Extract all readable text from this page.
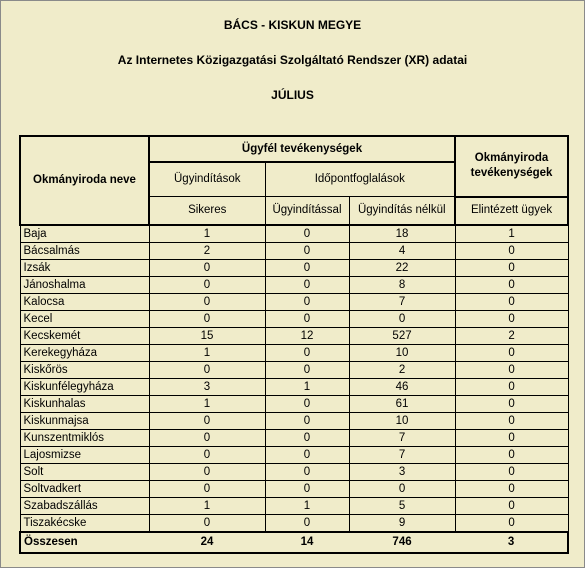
BÁCS - KISKUN MEGYE
Az Internetes Közigazgatási Szolgáltató Rendszer (XR) adatai
JÚLIUS
Okmányiroda neve	Ügyfél tevékenységek			Okmányiroda tevékenységek
	Ügyindítások	Időpontfoglalások		
	Sikeres	Ügyindítással	Ügyindítás nélkül	Elintézett ügyek
Baja	1	0	18	1
Bácsalmás	2	0	4	0
Izsák	0	0	22	0
Jánoshalma	0	0	8	0
Kalocsa	0	0	7	0
Kecel	0	0	0	0
Kecskemét	15	12	527	2
Kerekegyháza	1	0	10	0
Kiskőrös	0	0	2	0
Kiskunfélegyháza	3	1	46	0
Kiskunhalas	1	0	61	0
Kiskunmajsa	0	0	10	0
Kunszentmiklós	0	0	7	0
Lajosmizse	0	0	7	0
Solt	0	0	3	0
Soltvadkert	0	0	0	0
Szabadszállás	1	1	5	0
Tiszakécske	0	0	9	0
Összesen	24	14	746	3
